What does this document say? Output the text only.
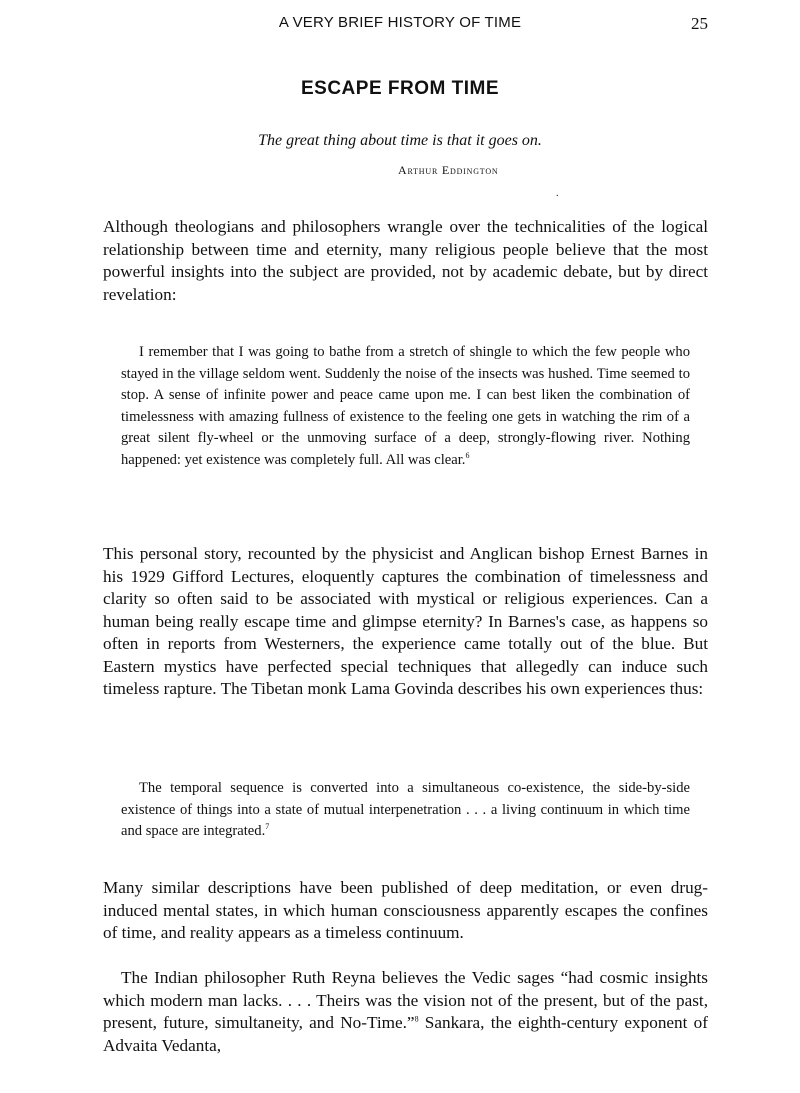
A VERY BRIEF HISTORY OF TIME	25
ESCAPE FROM TIME
The great thing about time is that it goes on.
Arthur Eddington
.

Although theologians and philosophers wrangle over the technicalities of the logical relationship between time and eternity, many religious people believe that the most powerful insights into the subject are provided, not by academic debate, but by direct revelation:

I remember that I was going to bathe from a stretch of shingle to which the few people who stayed in the village seldom went. Suddenly the noise of the insects was hushed. Time seemed to stop. A sense of infinite power and peace came upon me. I can best liken the combination of timelessness with amazing fullness of existence to the feeling one gets in watching the rim of a great silent fly-wheel or the unmoving surface of a deep, strongly-flowing river. Nothing happened: yet existence was completely full. All was clear.$^6$

This personal story, recounted by the physicist and Anglican bishop Ernest Barnes in his 1929 Gifford Lectures, eloquently captures the combination of timelessness and clarity so often said to be associated with mystical or religious experiences. Can a human being really escape time and glimpse eternity? In Barnes's case, as happens so often in reports from Westerners, the experience came totally out of the blue. But Eastern mystics have perfected special techniques that allegedly can induce such timeless rapture. The Tibetan monk Lama Govinda describes his own experiences thus:

The temporal sequence is converted into a simultaneous co-existence, the side-by-side existence of things into a state of mutual interpenetration . . . a living continuum in which time and space are integrated.$^7$

Many similar descriptions have been published of deep meditation, or even drug-induced mental states, in which human consciousness apparently escapes the confines of time, and reality appears as a timeless continuum.

The Indian philosopher Ruth Reyna believes the Vedic sages “had cosmic insights which modern man lacks. . . . Theirs was the vision not of the present, but of the past, present, future, simultaneity, and No-Time.”$^8$ Sankara, the eighth-century exponent of Advaita Vedanta,
